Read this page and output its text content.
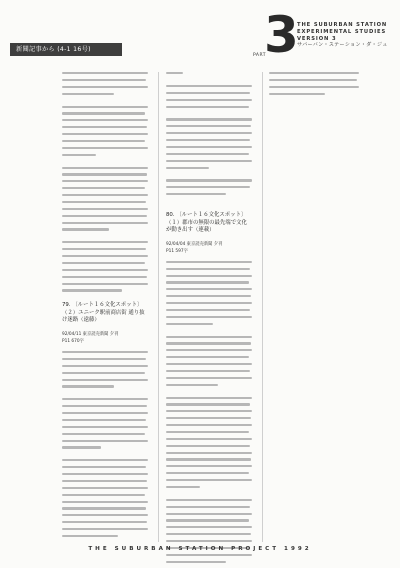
新聞記事から (4-1 16号)
PART
3
THE SUBURBAN STATION
EXPERIMENTAL STUDIES
VERSION 3
サバーバン・ステーション・ダ・ジュ

79. 〔ルート１６文化スポット〕

（２）ユニーク駅前商店街 通り抜け迷路（遠藤）

92/04/11 東京読売新聞 夕刊

P11 670字

80. 〔ルート１６文化スポット〕

（１）郡市の無限の最先端で文化が動き出す（連載）

92/04/04 東京読売新聞 夕刊

P11 597字

THE SUBURBAN STATION PROJECT 1992
